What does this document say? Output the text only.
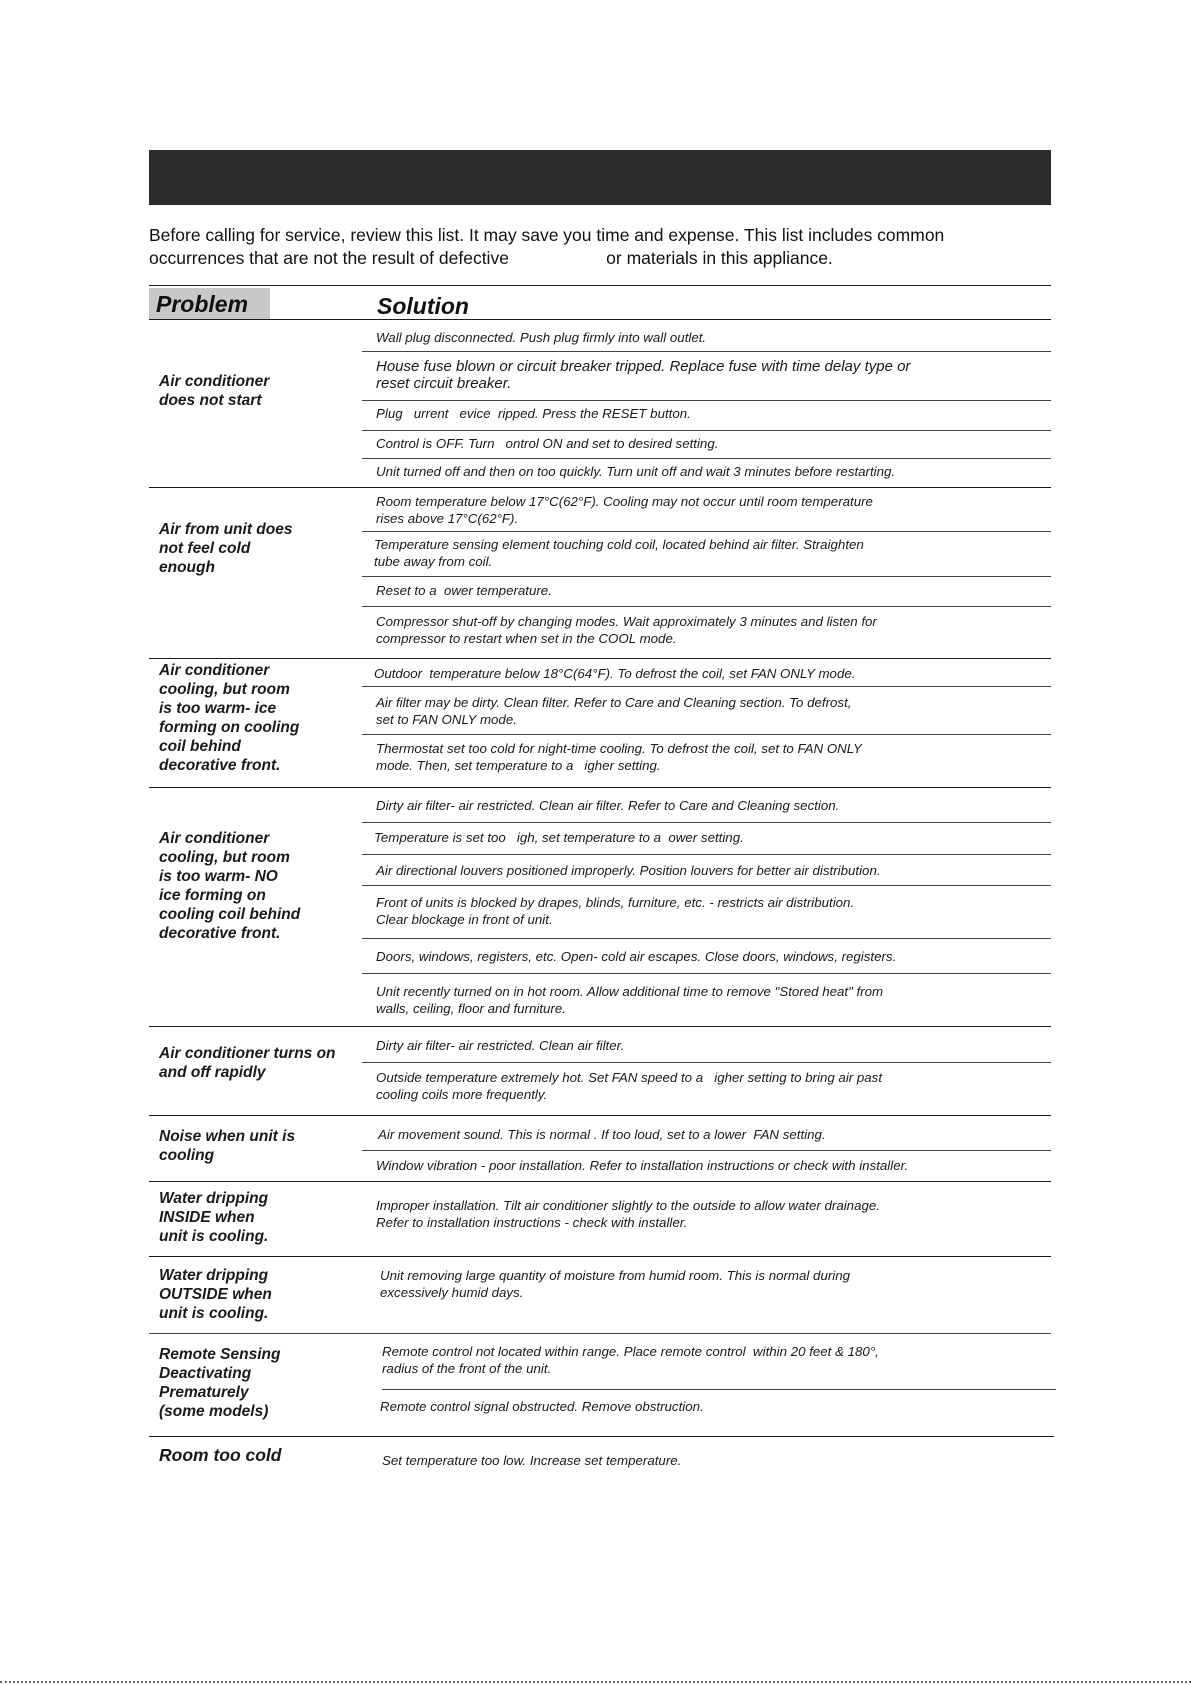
Before calling for service, review this list. It may save you time and expense. This list includes common

occurrences that are not the result of defective                    or materials in this appliance.

Problem	Solution
Air conditioner
does not start
Air from unit does
not feel cold
enough
Air conditioner
cooling, but room
is too warm- ice
forming on cooling
coil behind
decorative front.
Air conditioner
cooling, but room
is too warm- NO
ice forming on
cooling coil behind
decorative front.
Air conditioner turns on
and off rapidly
Noise when unit is
cooling
Water dripping
INSIDE when
unit is cooling.
Water dripping
OUTSIDE when
unit is cooling.
Remote Sensing
Deactivating
Prematurely
(some models)
Room too cold
Wall plug disconnected. Push plug firmly into wall outlet.
House fuse blown or circuit breaker tripped. Replace fuse with time delay type or
reset circuit breaker.
Plug   urrent   evice  ripped. Press the RESET button.
Control is OFF. Turn   ontrol ON and set to desired setting.
Unit turned off and then on too quickly. Turn unit off and wait 3 minutes before restarting.
Room temperature below 17°C(62°F). Cooling may not occur until room temperature
rises above 17°C(62°F).
Temperature sensing element touching cold coil, located behind air filter. Straighten
tube away from coil.
Reset to a  ower temperature.
Compressor shut-off by changing modes. Wait approximately 3 minutes and listen for
compressor to restart when set in the COOL mode.
Outdoor  temperature below 18°C(64°F). To defrost the coil, set FAN ONLY mode.
Air filter may be dirty. Clean filter. Refer to Care and Cleaning section. To defrost,
set to FAN ONLY mode.
Thermostat set too cold for night-time cooling. To defrost the coil, set to FAN ONLY
mode. Then, set temperature to a   igher setting.
Dirty air filter- air restricted. Clean air filter. Refer to Care and Cleaning section.
Temperature is set too   igh, set temperature to a  ower setting.
Air directional louvers positioned improperly. Position louvers for better air distribution.
Front of units is blocked by drapes, blinds, furniture, etc. - restricts air distribution.
Clear blockage in front of unit.
Doors, windows, registers, etc. Open- cold air escapes. Close doors, windows, registers.
Unit recently turned on in hot room. Allow additional time to remove "Stored heat" from
walls, ceiling, floor and furniture.
Dirty air filter- air restricted. Clean air filter.
Outside temperature extremely hot. Set FAN speed to a   igher setting to bring air past
cooling coils more frequently.
Air movement sound. This is normal . If too loud, set to a lower  FAN setting.
Window vibration - poor installation. Refer to installation instructions or check with installer.
Improper installation. Tilt air conditioner slightly to the outside to allow water drainage.
Refer to installation instructions - check with installer.
Unit removing large quantity of moisture from humid room. This is normal during
excessively humid days.
Remote control not located within range. Place remote control  within 20 feet & 180°,
radius of the front of the unit.
Remote control signal obstructed. Remove obstruction.
Set temperature too low. Increase set temperature.
